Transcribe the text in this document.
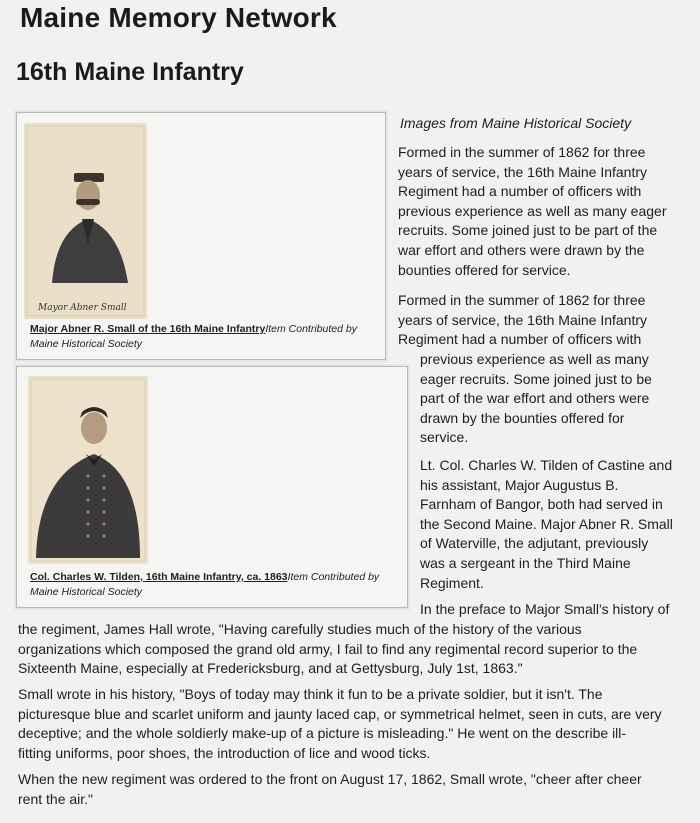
Maine Memory Network
16th Maine Infantry
Mayor Abner Small
Major Abner R. Small of the 16th Maine InfantryItem Contributed by
Maine Historical Society
Col. Charles W. Tilden, 16th Maine Infantry, ca. 1863Item Contributed by
Maine Historical Society
Images from Maine Historical Society
Formed in the summer of 1862 for three
years of service, the 16th Maine Infantry
Regiment had a number of officers with
previous experience as well as many eager
recruits. Some joined just to be part of the
war effort and others were drawn by the
bounties offered for service.
Formed in the summer of 1862 for three
years of service, the 16th Maine Infantry
Regiment had a number of officers with
previous experience as well as many
eager recruits. Some joined just to be
part of the war effort and others were
drawn by the bounties offered for
service.
Lt. Col. Charles W. Tilden of Castine and
his assistant, Major Augustus B.
Farnham of Bangor, both had served in
the Second Maine. Major Abner R. Small
of Waterville, the adjutant, previously
was a sergeant in the Third Maine
Regiment.
In the preface to Major Small's history of
the regiment, James Hall wrote, "Having carefully studies much of the history of the various
organizations which composed the grand old army, I fail to find any regimental record superior to the
Sixteenth Maine, especially at Fredericksburg, and at Gettysburg, July 1st, 1863."
Small wrote in his history, "Boys of today may think it fun to be a private soldier, but it isn't. The
picturesque blue and scarlet uniform and jaunty laced cap, or symmetrical helmet, seen in cuts, are very
deceptive; and the whole soldierly make-up of a picture is misleading." He went on the describe ill-
fitting uniforms, poor shoes, the introduction of lice and wood ticks.
When the new regiment was ordered to the front on August 17, 1862, Small wrote, "cheer after cheer
rent the air."
